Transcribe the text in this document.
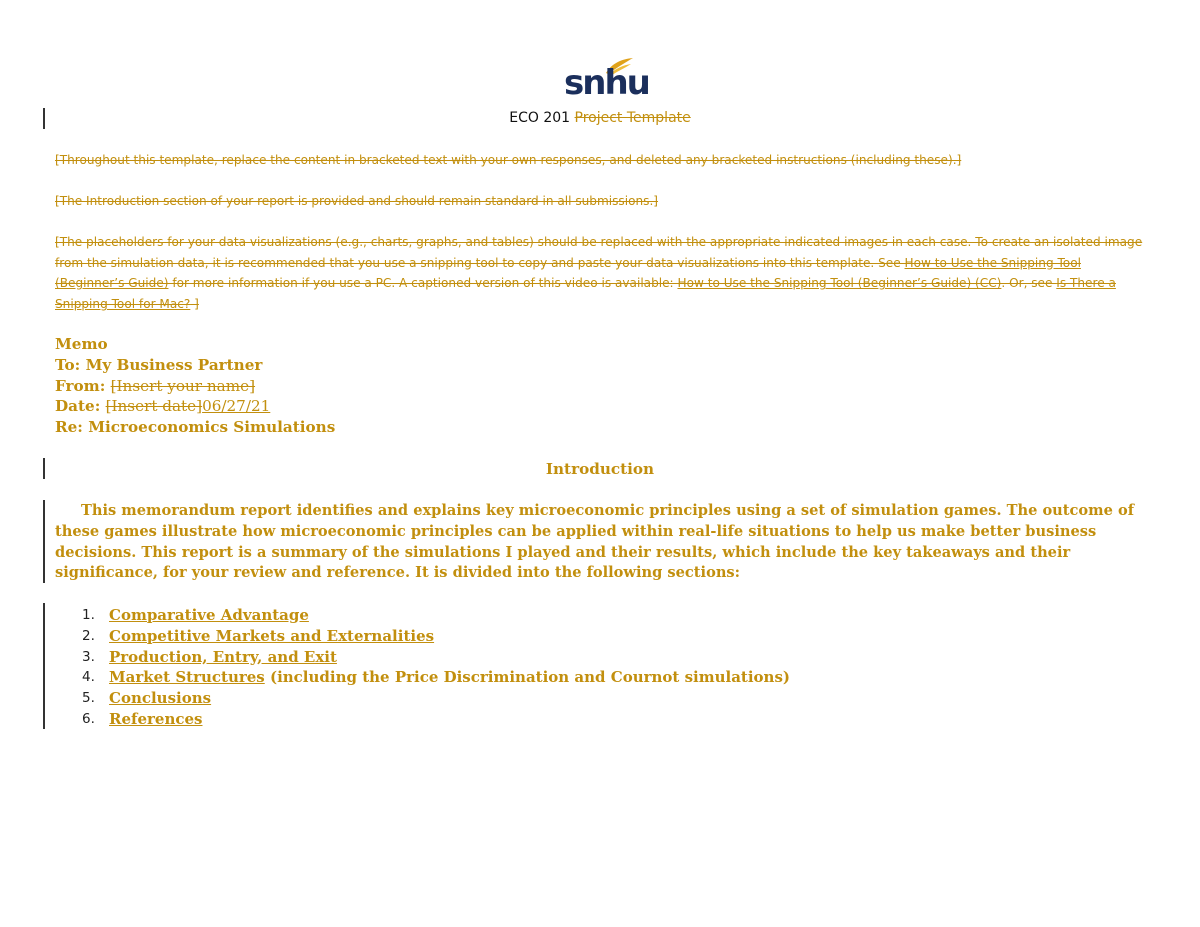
snhu
ECO 201 Project Template
[Throughout this template, replace the content in bracketed text with your own responses, and deleted any bracketed instructions (including these).]
[The Introduction section of your report is provided and should remain standard in all submissions.]
[The placeholders for your data visualizations (e.g., charts, graphs, and tables) should be replaced with the appropriate indicated images in each case. To create an isolated image from the simulation data, it is recommended that you use a snipping tool to copy and paste your data visualizations into this template. See How to Use the Snipping Tool (Beginner’s Guide) for more information if you use a PC. A captioned version of this video is available: How to Use the Snipping Tool (Beginner’s Guide) (CC). Or, see Is There a Snipping Tool for Mac? ]
Memo
To: My Business Partner
From: [Insert your name]
Date: [Insert date]06/27/21
Re: Microeconomics Simulations
Introduction
This memorandum report identifies and explains key microeconomic principles using a set of simulation games. The outcome of these games illustrate how microeconomic principles can be applied within real-life situations to help us make better business decisions. This report is a summary of the simulations I played and their results, which include the key takeaways and their significance, for your review and reference. It is divided into the following sections:
1. Comparative Advantage
2. Competitive Markets and Externalities
3. Production, Entry, and Exit
4. Market Structures (including the Price Discrimination and Cournot simulations)
5. Conclusions
6. References
